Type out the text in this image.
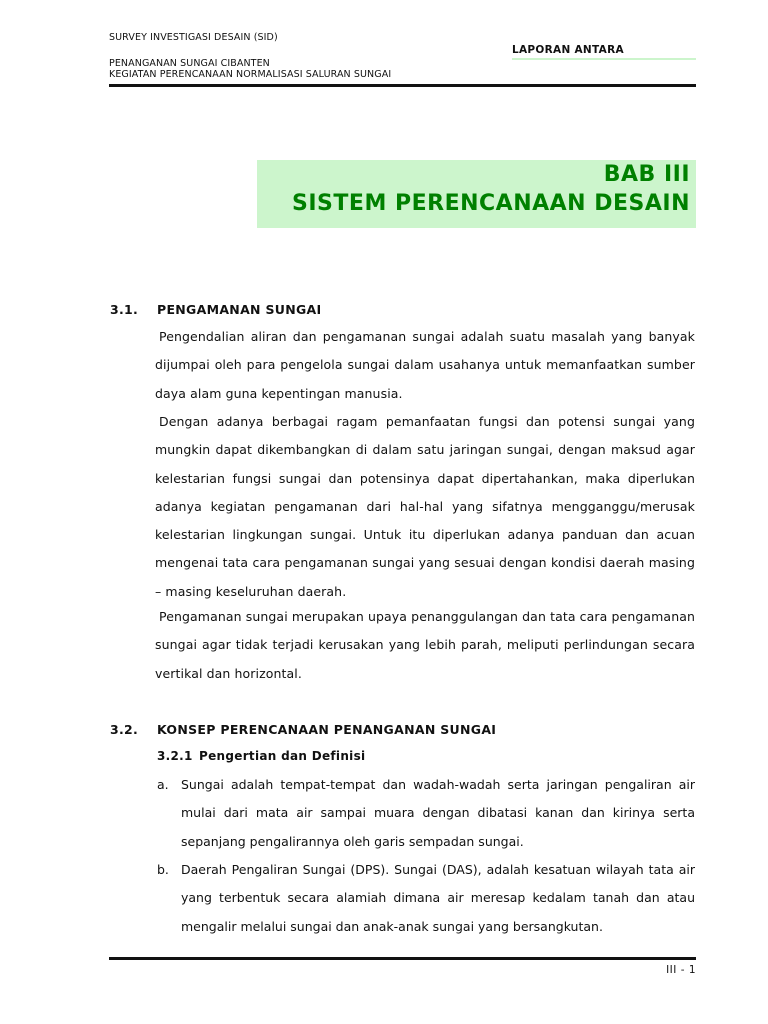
SURVEY INVESTIGASI DESAIN (SID)
LAPORAN ANTARA
PENANGANAN SUNGAI CIBANTEN
KEGIATAN PERENCANAAN NORMALISASI SALURAN SUNGAI
BAB III
SISTEM PERENCANAAN DESAIN
3.1. PENGAMANAN SUNGAI
Pengendalian aliran dan pengamanan sungai adalah suatu masalah yang banyak dijumpai oleh para pengelola sungai dalam usahanya untuk memanfaatkan sumber daya alam guna kepentingan manusia.
Dengan adanya berbagai ragam pemanfaatan fungsi dan potensi sungai yang mungkin dapat dikembangkan di dalam satu jaringan sungai, dengan maksud agar kelestarian fungsi sungai dan potensinya dapat dipertahankan, maka diperlukan adanya kegiatan pengamanan dari hal-hal yang sifatnya mengganggu/merusak kelestarian lingkungan sungai. Untuk itu diperlukan adanya panduan dan acuan mengenai tata cara pengamanan sungai yang sesuai dengan kondisi daerah masing – masing keseluruhan daerah.
Pengamanan sungai merupakan upaya penanggulangan dan tata cara pengamanan sungai agar tidak terjadi kerusakan yang lebih parah, meliputi perlindungan secara vertikal dan horizontal.
3.2. KONSEP PERENCANAAN PENANGANAN SUNGAI
3.2.1 Pengertian dan Definisi
a. Sungai adalah tempat-tempat dan wadah-wadah serta jaringan pengaliran air mulai dari mata air sampai muara dengan dibatasi kanan dan kirinya serta sepanjang pengalirannya oleh garis sempadan sungai.
b. Daerah Pengaliran Sungai (DPS). Sungai (DAS), adalah kesatuan wilayah tata air yang terbentuk secara alamiah dimana air meresap kedalam tanah dan atau mengalir melalui sungai dan anak-anak sungai yang bersangkutan.
III - 1
